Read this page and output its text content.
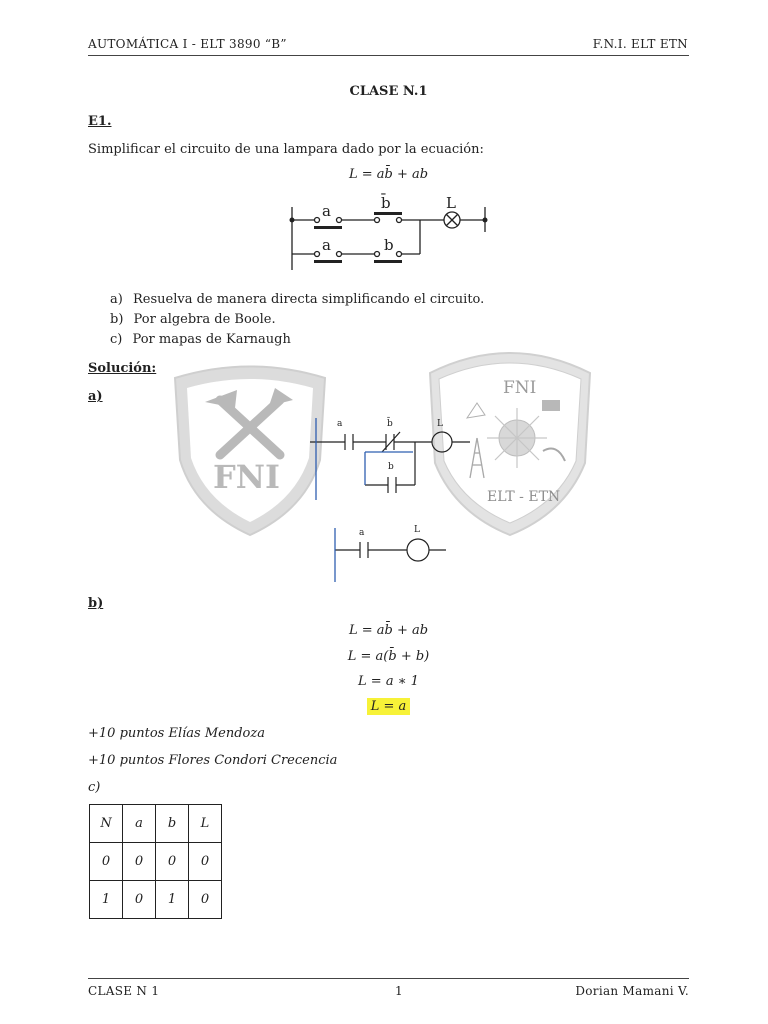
AUTOMÁTICA I - ELT 3890 “B”	F.N.I. ELT ETN
CLASE N.1
E1.
Simplificar el circuito de una lampara dado por la ecuación:
L = ab̄ + ab
a	b̄	L
a	b
a) Resuelva de manera directa simplificando el circuito.
b) Por algebra de Boole.
c) Por mapas de Karnaugh
FNI
FNI
ELT - ETN
Solución:
a)
a	b̄
b
L
a	L
b)
L = ab̄ + ab
L = a(b̄ + b)
L = a ∗ 1
L = a
+10 puntos Elías Mendoza
+10 puntos Flores Condori Crecencia
c)
N	a	b	L
0	0	0	0
1	0	1	0
CLASE N 1	1	Dorian Mamani V.
